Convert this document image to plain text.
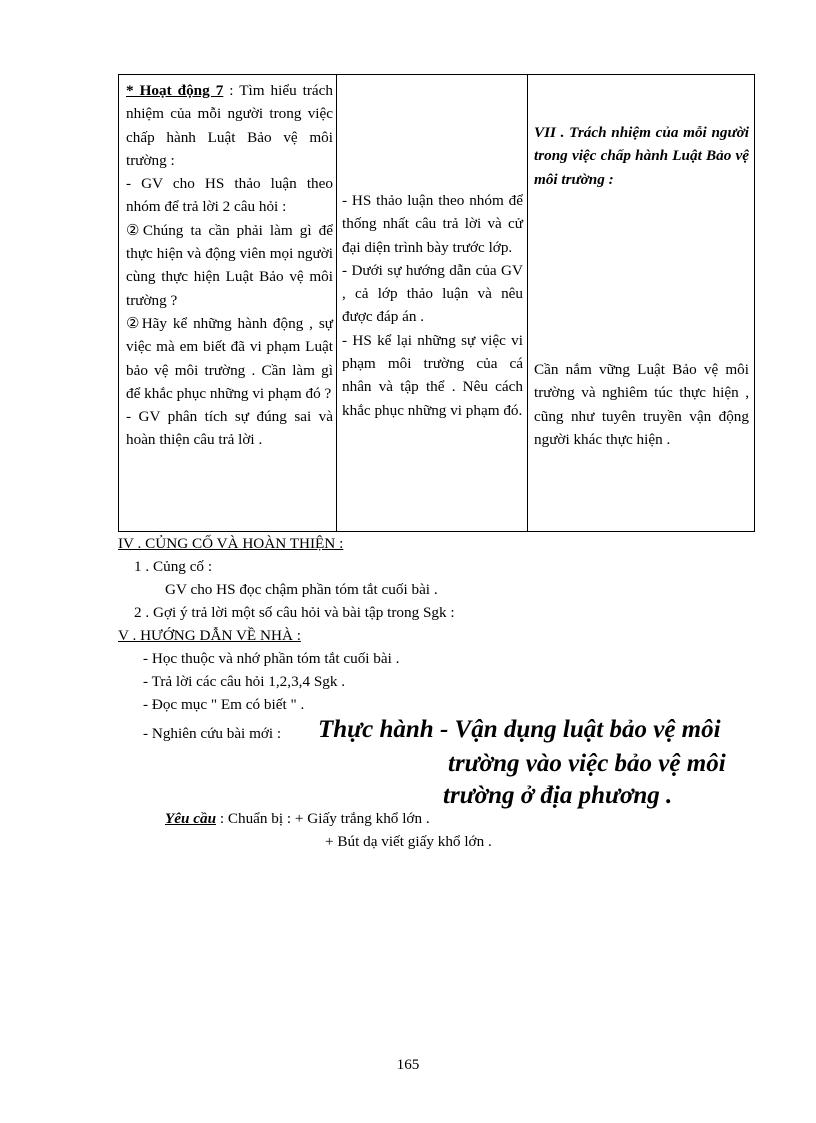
* Hoạt động 7 : Tìm hiểu trách nhiệm của mỗi người trong việc chấp hành Luật Bảo vệ môi trường :
- GV cho HS thảo luận theo nhóm để trả lời 2 câu hỏi :
②Chúng ta cần phải làm gì để thực hiện và động viên mọi người cùng thực hiện Luật Bảo vệ môi trường ?
②Hãy kể những hành động , sự việc mà em biết đã vi phạm Luật bảo vệ môi trường . Cần làm gì để khắc phục những vi phạm đó ?
- GV phân tích sự đúng sai và hoàn thiện câu trả lời .
- HS thảo luận theo nhóm để thống nhất câu trả lời và cử đại diện trình bày trước lớp.
- Dưới sự hướng dẫn của GV , cả lớp thảo luận và nêu được đáp án .
- HS kể lại những sự việc vi phạm môi trường của cá nhân và tập thể . Nêu cách khắc phục những vi phạm đó.
VII . Trách nhiệm của mỗi người trong việc chấp hành Luật Bảo vệ môi trường :
Cần nắm vững Luật Bảo vệ môi trường và nghiêm túc thực hiện , cũng như tuyên truyền vận động người khác thực hiện .
IV . CỦNG CỐ VÀ HOÀN THIỆN :
1 . Củng cố :
GV cho HS đọc chậm phần tóm tắt cuối bài .
2 . Gợi ý trả lời một số câu hỏi và bài tập trong Sgk :
V . HƯỚNG DẪN VỀ NHÀ :
- Học thuộc và nhớ phần tóm tắt cuối bài .
- Trả lời các câu hỏi 1,2,3,4 Sgk .
- Đọc mục " Em có biết " .
- Nghiên cứu bài mới : Thực hành - Vận dụng luật bảo vệ môi
trường vào việc bảo vệ môi
trường ở địa phương .
Yêu cầu : Chuẩn bị : + Giấy trắng khổ lớn .
+ Bút dạ viết giấy khổ lớn .
165
